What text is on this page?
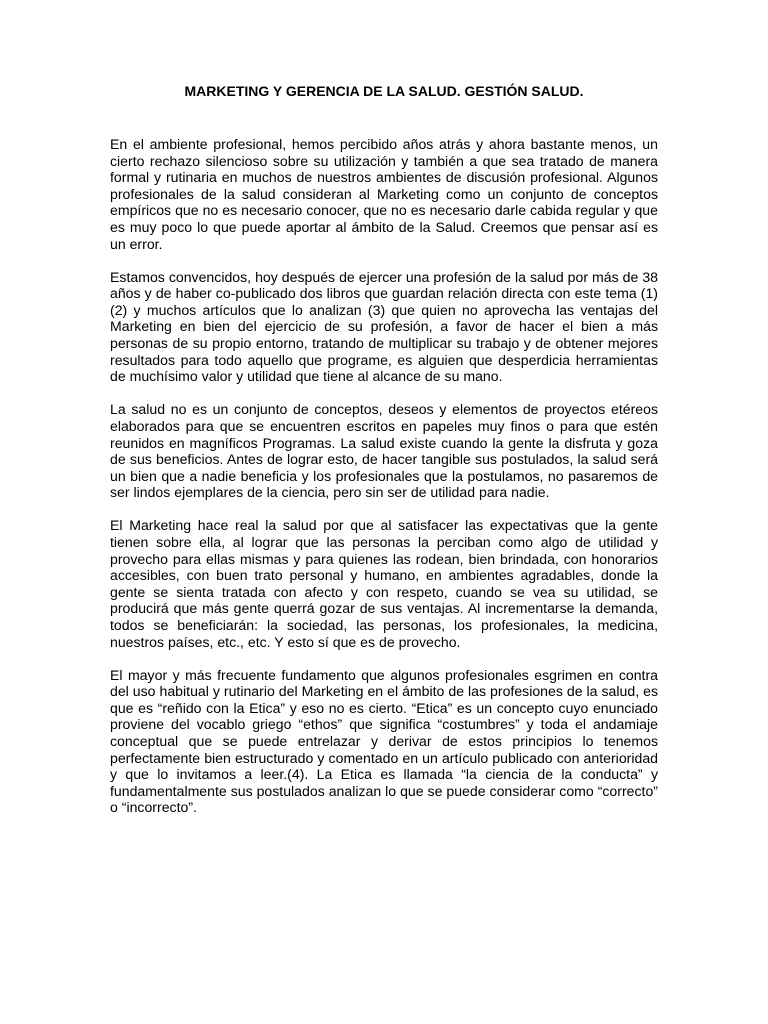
MARKETING Y GERENCIA DE LA SALUD. GESTIÓN SALUD.

En el ambiente profesional, hemos percibido años atrás y ahora bastante menos, un cierto rechazo silencioso sobre su utilización y también a que sea tratado de manera formal y rutinaria en muchos de nuestros ambientes de discusión profesional. Algunos profesionales de la salud consideran al Marketing como un conjunto de conceptos empíricos que no es necesario conocer, que no es necesario darle cabida regular y que es muy poco lo que puede aportar al ámbito de la Salud. Creemos que pensar así es un error.

Estamos convencidos, hoy después de ejercer una profesión de la salud por más de 38 años y de haber co-publicado dos libros que guardan relación directa con este tema (1)(2) y muchos artículos que lo analizan (3) que quien no aprovecha las ventajas del Marketing en bien del ejercicio de su profesión, a favor de hacer el bien a más personas de su propio entorno, tratando de multiplicar su trabajo y de obtener mejores resultados para todo aquello que programe, es alguien que desperdicia herramientas de muchísimo valor y utilidad que tiene al alcance de su mano.

La salud no es un conjunto de conceptos, deseos y elementos de proyectos etéreos elaborados para que se encuentren escritos en papeles muy finos o para que estén reunidos en magníficos Programas. La salud existe cuando la gente la disfruta y goza de sus beneficios. Antes de lograr esto, de hacer tangible sus postulados, la salud será un bien que a nadie beneficia y los profesionales que la postulamos, no pasaremos de ser lindos ejemplares de la ciencia, pero sin ser de utilidad para nadie.

El Marketing hace real la salud por que al satisfacer las expectativas que la gente tienen sobre ella, al lograr que las personas la perciban como algo de utilidad y provecho para ellas mismas y para quienes las rodean, bien brindada, con honorarios accesibles, con buen trato personal y humano, en ambientes agradables, donde la gente se sienta tratada con afecto y con respeto, cuando se vea su utilidad, se producirá que más gente querrá gozar de sus ventajas. Al incrementarse la demanda, todos se beneficiarán: la sociedad, las personas, los profesionales, la medicina, nuestros países, etc., etc. Y esto sí que es de provecho.

El mayor y más frecuente fundamento que algunos profesionales esgrimen en contra del uso habitual y rutinario del Marketing en el ámbito de las profesiones de la salud, es que es “reñido con la Etica” y eso no es cierto. “Etica” es un concepto cuyo enunciado proviene del vocablo griego “ethos” que significa “costumbres” y toda el andamiaje conceptual que se puede entrelazar y derivar de estos principios lo tenemos perfectamente bien estructurado y comentado en un artículo publicado con anterioridad y que lo invitamos a leer.(4). La Etica es llamada “la ciencia de la conducta” y fundamentalmente sus postulados analizan lo que se puede considerar como “correcto” o “incorrecto”.
